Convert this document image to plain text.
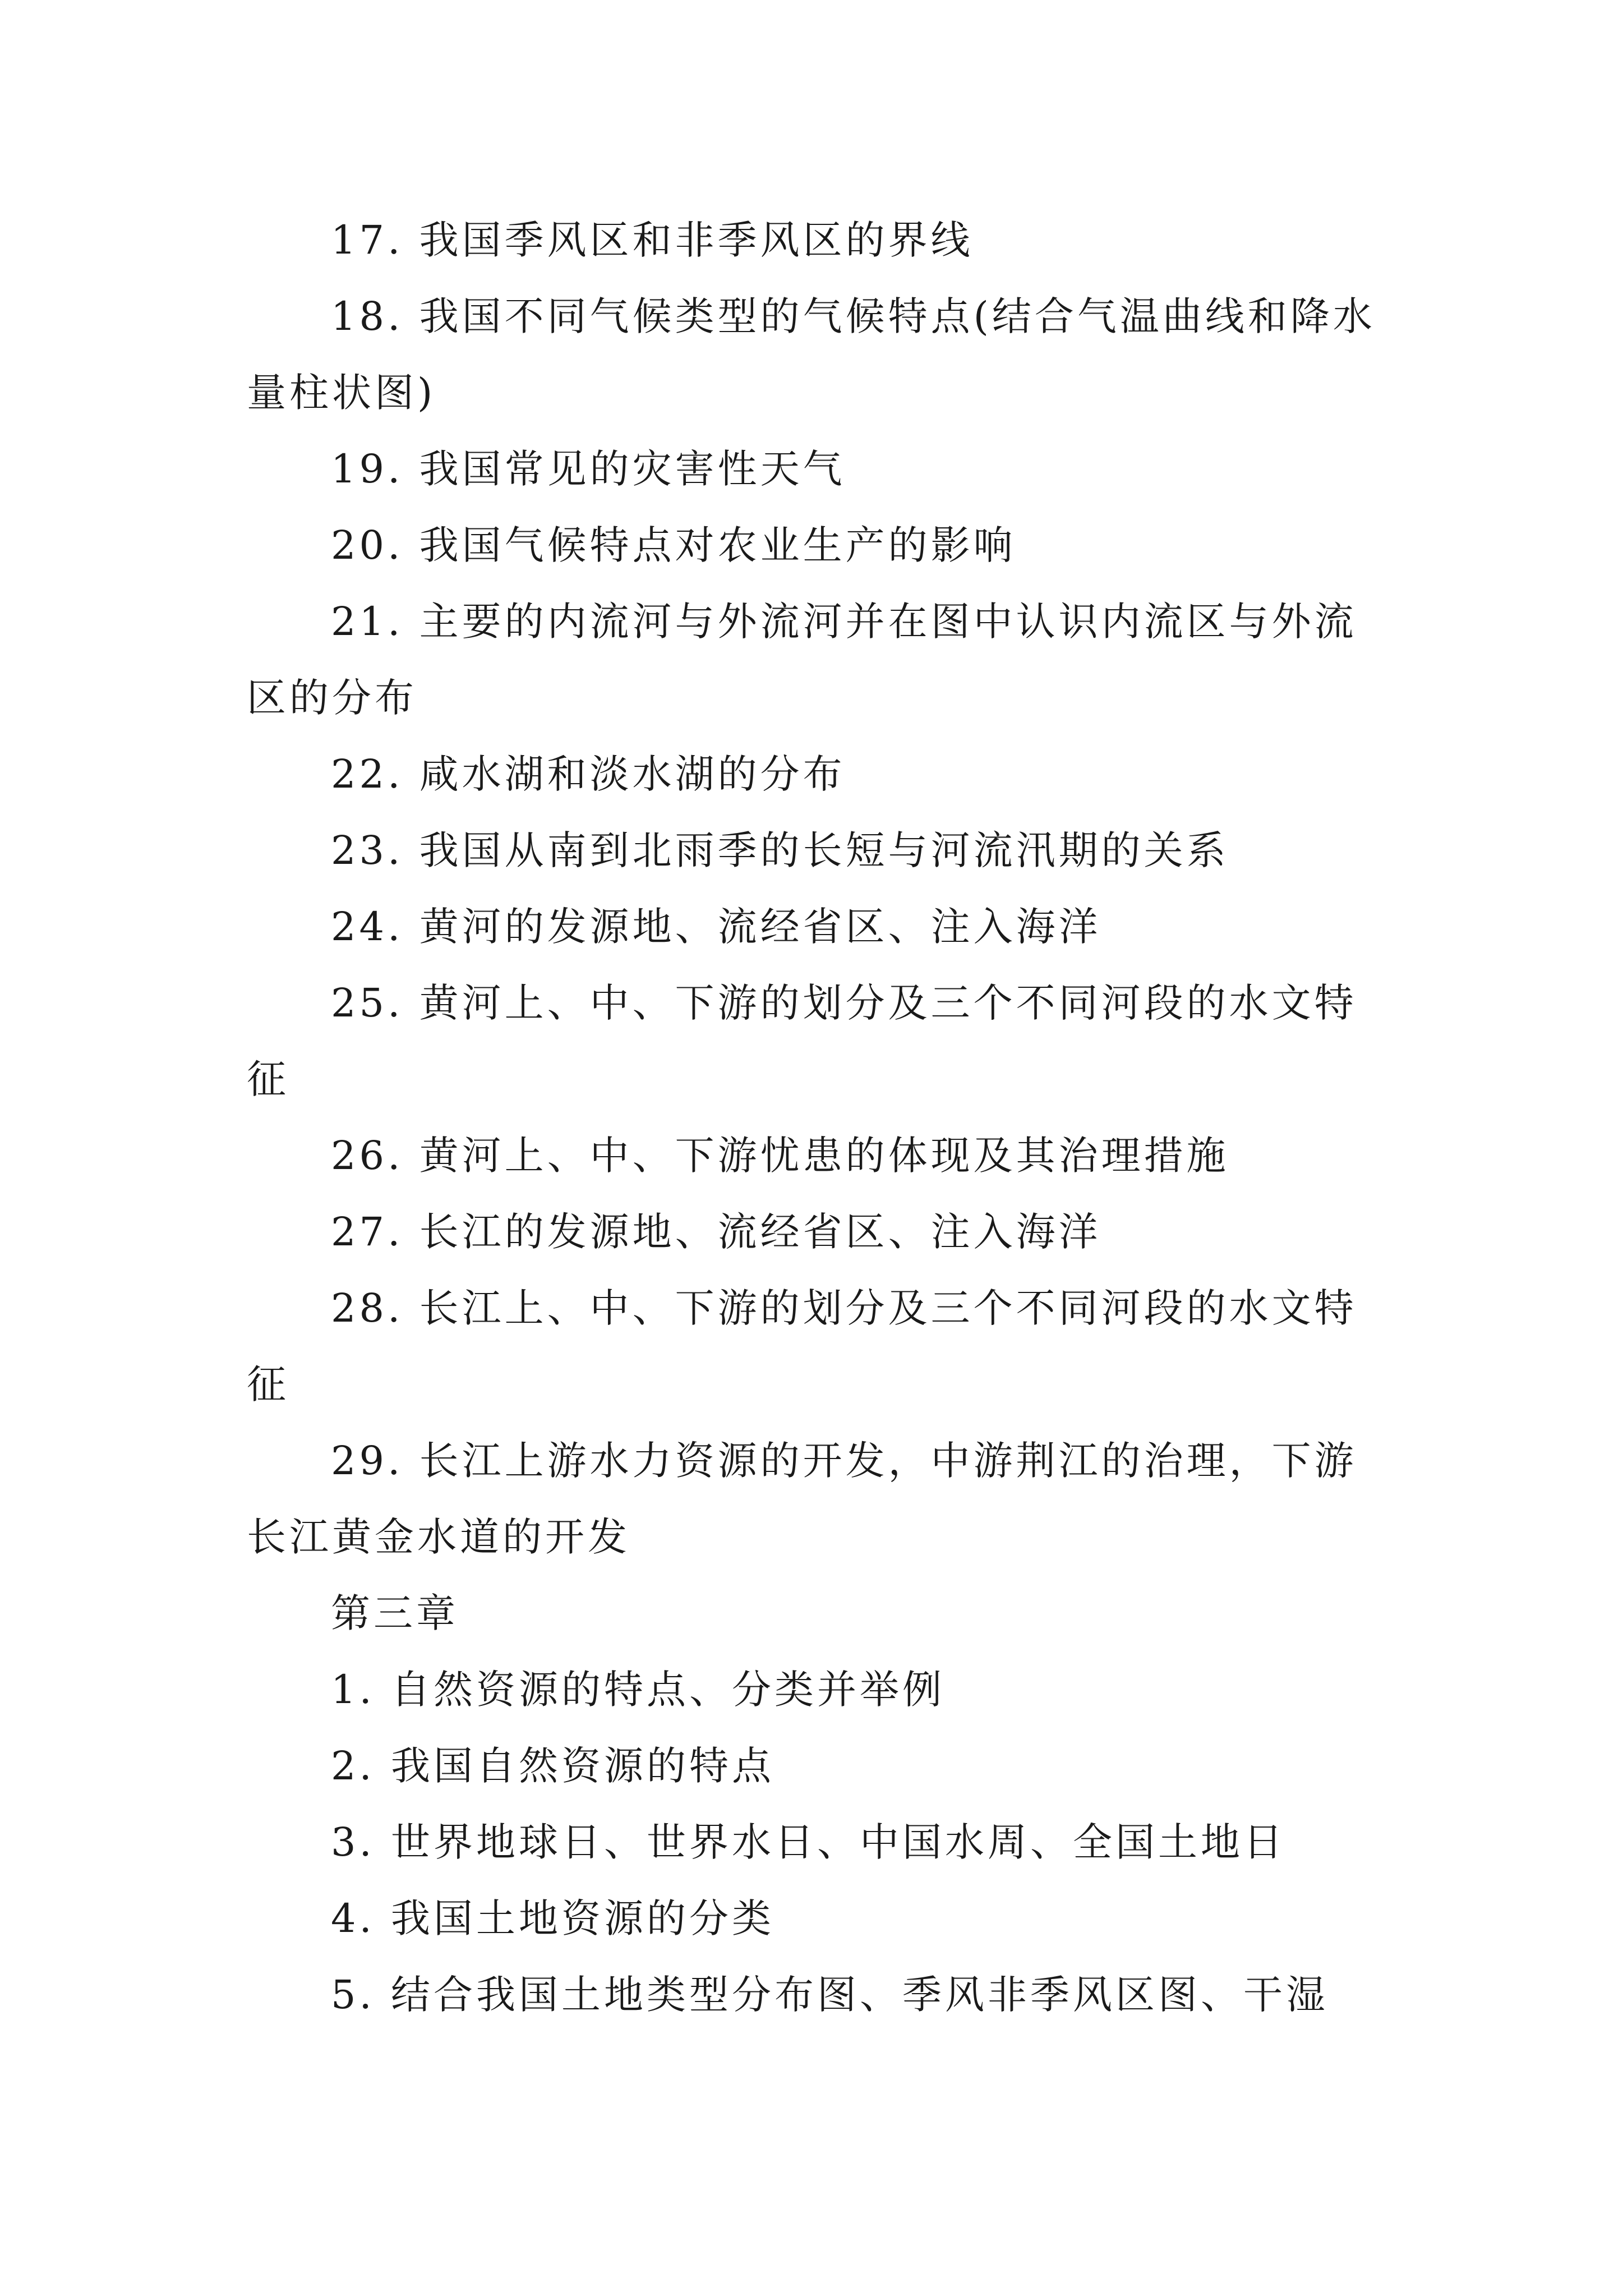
17. 我国季风区和非季风区的界线

18. 我国不同气候类型的气候特点(结合气温曲线和降水量柱状图)

19. 我国常见的灾害性天气

20. 我国气候特点对农业生产的影响

21. 主要的内流河与外流河并在图中认识内流区与外流区的分布

22. 咸水湖和淡水湖的分布

23. 我国从南到北雨季的长短与河流汛期的关系

24. 黄河的发源地、流经省区、注入海洋

25. 黄河上、中、下游的划分及三个不同河段的水文特征

26. 黄河上、中、下游忧患的体现及其治理措施

27. 长江的发源地、流经省区、注入海洋

28. 长江上、中、下游的划分及三个不同河段的水文特征

29. 长江上游水力资源的开发，中游荆江的治理，下游长江黄金水道的开发

第三章

1. 自然资源的特点、分类并举例

2. 我国自然资源的特点

3. 世界地球日、世界水日、中国水周、全国土地日

4. 我国土地资源的分类

5. 结合我国土地类型分布图、季风非季风区图、干湿
